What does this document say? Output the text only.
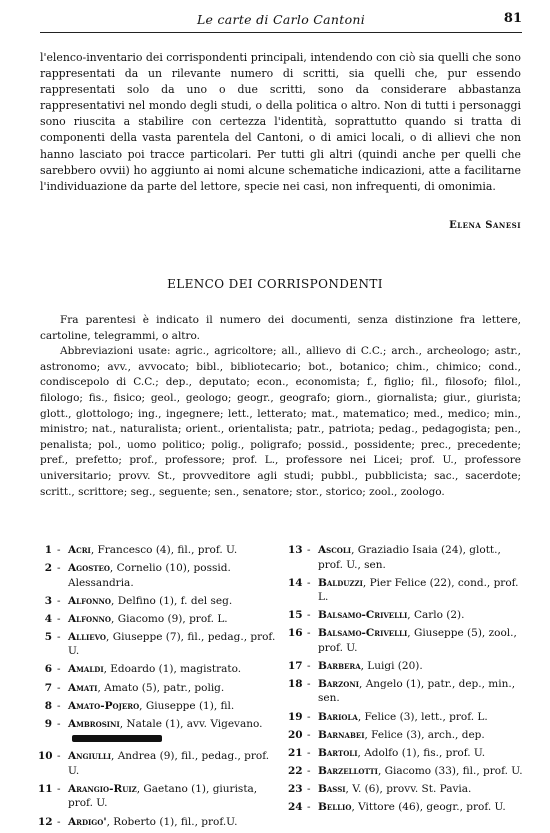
Le carte di Carlo Cantoni	81

l'elenco-inventario dei corrispondenti principali, intendendo con ciò sia quelli che sono rappresentati da un rilevante numero di scritti, sia quelli che, pur essendo rappresentati solo da uno o due scritti, sono da considerare abbastanza rappresentativi nel mondo degli studi, o della politica o altro. Non di tutti i personaggi sono riuscita a stabilire con certezza l'identità, soprattutto quando si tratta di componenti della vasta parentela del Cantoni, o di amici locali, o di allievi che non hanno lasciato poi tracce particolari. Per tutti gli altri (quindi anche per quelli che sarebbero ovvii) ho aggiunto ai nomi alcune schematiche indicazioni, atte a facilitarne l'individuazione da parte del lettore, specie nei casi, non infrequenti, di omonimia.

Elena Sanesi
ELENCO DEI CORRISPONDENTI

Fra parentesi è indicato il numero dei documenti, senza distinzione fra lettere, cartoline, telegrammi, o altro.

Abbreviazioni usate: agric., agricoltore; all., allievo di C.C.; arch., archeologo; astr., astronomo; avv., avvocato; bibl., bibliotecario; bot., botanico; chim., chimico; cond., condiscepolo di C.C.; dep., deputato; econ., economista; f., figlio; fil., filosofo; filol., filologo; fis., fisico; geol., geologo; geogr., geografo; giorn., giornalista; giur., giurista; glott., glottologo; ing., ingegnere; lett., letterato; mat., matematico; med., medico; min., ministro; nat., naturalista; orient., orientalista; patr., patriota; pedag., pedagogista; pen., penalista; pol., uomo politico; polig., poligrafo; possid., possidente; prec., precedente; pref., prefetto; prof., professore; prof. L., professore nei Licei; prof. U., professore universitario; provv. St., provveditore agli studi; pubbl., pubblicista; sac., sacerdote; scritt., scrittore; seg., seguente; sen., senatore; stor., storico; zool., zoologo.

1 - Acri, Francesco (4), fil., prof. U.
2 - Agosteo, Cornelio (10), possid. Alessandria.
3 - Alfonno, Delfino (1), f. del seg.
4 - Alfonno, Giacomo (9), prof. L.
5 - Allievo, Giuseppe (7), fil., pedag., prof. U.
6 - Amaldi, Edoardo (1), magistrato.
7 - Amati, Amato (5), patr., polig.
8 - Amato-Pojero, Giuseppe (1), fil.
9 - Ambrosini, Natale (1), avv. Vigevano.
10 - Angiulli, Andrea (9), fil., pedag., prof. U.
11 - Arangio-Ruiz, Gaetano (1), giurista, prof. U.
12 - Ardigo', Roberto (1), fil., prof.U.
13 - Ascoli, Graziadio Isaia (24), glott., prof. U., sen.
14 - Balduzzi, Pier Felice (22), cond., prof. L.
15 - Balsamo-Crivelli, Carlo (2).
16 - Balsamo-Crivelli, Giuseppe (5), zool., prof. U.
17 - Barbera, Luigi (20).
18 - Barzoni, Angelo (1), patr., dep., min., sen.
19 - Bariola, Felice (3), lett., prof. L.
20 - Barnabei, Felice (3), arch., dep.
21 - Bartoli, Adolfo (1), fis., prof. U.
22 - Barzellotti, Giacomo (33), fil., prof. U.
23 - Bassi, V. (6), provv. St. Pavia.
24 - Bellio, Vittore (46), geogr., prof. U.
